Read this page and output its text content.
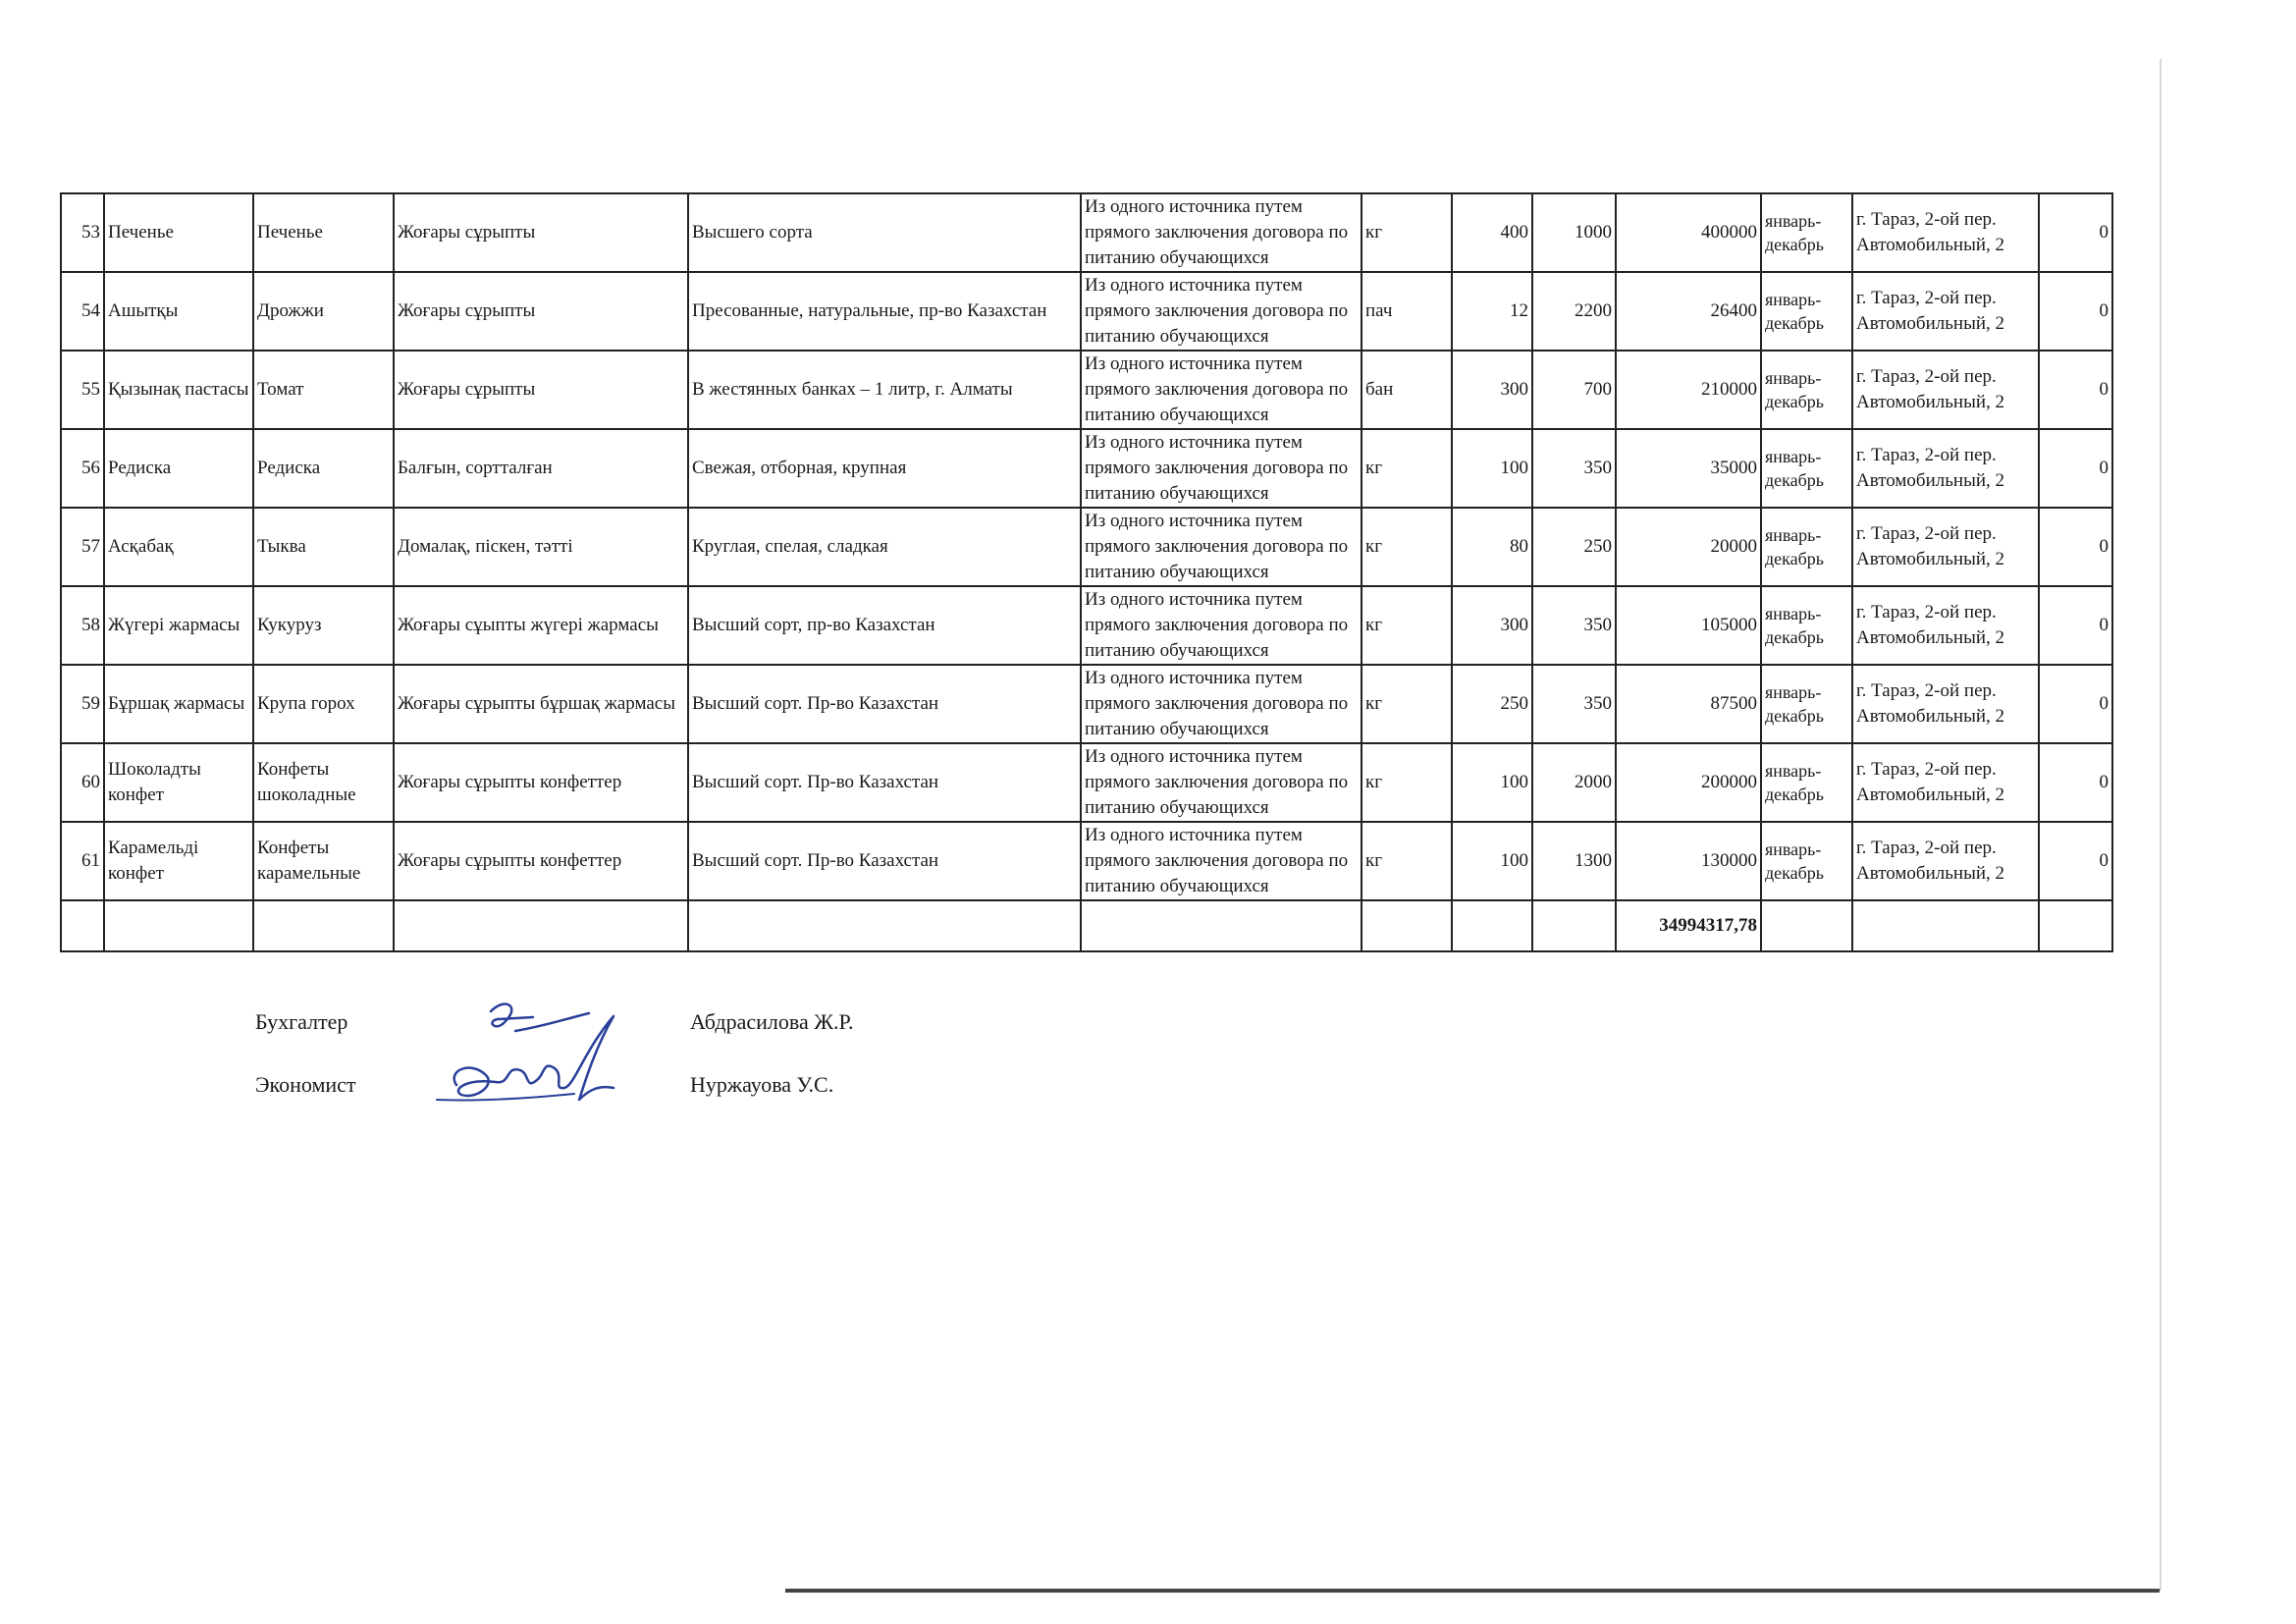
53	Печенье	Печенье	Жоғары сұрыпты	Высшего сорта	Из одного источника путем прямого заключения договора по питанию обучающихся	кг	400	1000	400000	январь-декабрь	г. Тараз, 2-ой пер. Автомобильный, 2	0
54	Ашытқы	Дрожжи	Жоғары сұрыпты	Пресованные, натуральные, пр-во Казахстан	Из одного источника путем прямого заключения договора по питанию обучающихся	пач	12	2200	26400	январь-декабрь	г. Тараз, 2-ой пер. Автомобильный, 2	0
55	Қызынақ пастасы	Томат	Жоғары сұрыпты	В жестянных банках – 1 литр, г. Алматы	Из одного источника путем прямого заключения договора по питанию обучающихся	бан	300	700	210000	январь-декабрь	г. Тараз, 2-ой пер. Автомобильный, 2	0
56	Редиска	Редиска	Балғын, сортталған	Свежая, отборная, крупная	Из одного источника путем прямого заключения договора по питанию обучающихся	кг	100	350	35000	январь-декабрь	г. Тараз, 2-ой пер. Автомобильный, 2	0
57	Асқабақ	Тыква	Домалақ, піскен, тәтті	Круглая, спелая, сладкая	Из одного источника путем прямого заключения договора по питанию обучающихся	кг	80	250	20000	январь-декабрь	г. Тараз, 2-ой пер. Автомобильный, 2	0
58	Жүгері жармасы	Кукуруз	Жоғары сұыпты жүгері жармасы	Высший сорт, пр-во Казахстан	Из одного источника путем прямого заключения договора по питанию обучающихся	кг	300	350	105000	январь-декабрь	г. Тараз, 2-ой пер. Автомобильный, 2	0
59	Бұршақ жармасы	Крупа горох	Жоғары сұрыпты бұршақ жармасы	Высший сорт. Пр-во Казахстан	Из одного источника путем прямого заключения договора по питанию обучающихся	кг	250	350	87500	январь-декабрь	г. Тараз, 2-ой пер. Автомобильный, 2	0
60	Шоколадты конфет	Конфеты шоколадные	Жоғары сұрыпты конфеттер	Высший сорт. Пр-во Казахстан	Из одного источника путем прямого заключения договора по питанию обучающихся	кг	100	2000	200000	январь-декабрь	г. Тараз, 2-ой пер. Автомобильный, 2	0
61	Карамельді конфет	Конфеты карамельные	Жоғары сұрыпты конфеттер	Высший сорт. Пр-во Казахстан	Из одного источника путем прямого заключения договора по питанию обучающихся	кг	100	1300	130000	январь-декабрь	г. Тараз, 2-ой пер. Автомобильный, 2	0
									34994317,78			
Бухгалтер	Абдрасилова Ж.Р.
Экономист	Нуржауова У.С.
